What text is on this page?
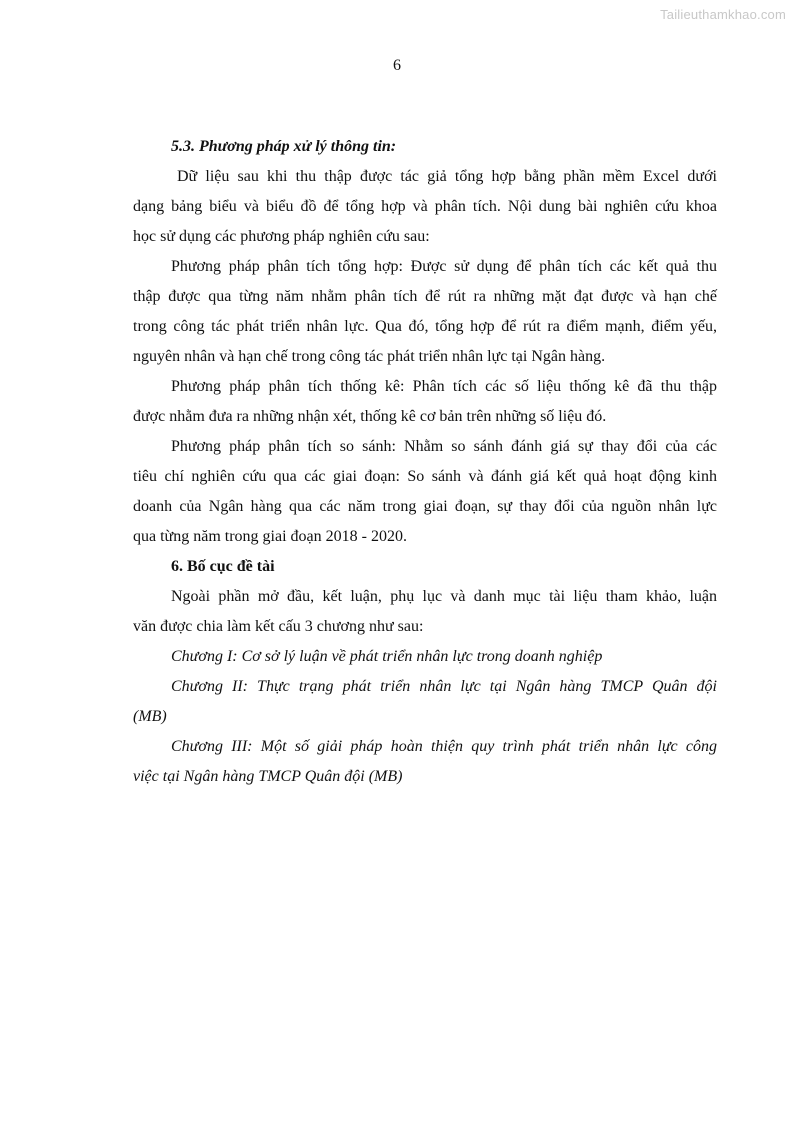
Tailieuthamkhao.com
6
5.3. Phương pháp xử lý thông tin:
Dữ liệu sau khi thu thập được tác giả tổng hợp bằng phần mềm Excel dưới
dạng bảng biểu và biểu đồ để tổng hợp và phân tích. Nội dung bài nghiên cứu khoa
học sử dụng các phương pháp nghiên cứu sau:
Phương pháp phân tích tổng hợp: Được sử dụng để phân tích các kết quả thu
thập được qua từng năm nhằm phân tích để rút ra những mặt đạt được và hạn chế
trong công tác phát triển nhân lực. Qua đó, tổng hợp để rút ra điểm mạnh, điểm yếu,
nguyên nhân và hạn chế trong công tác phát triển nhân lực tại Ngân hàng.
Phương pháp phân tích thống kê: Phân tích các số liệu thống kê đã thu thập
được nhằm đưa ra những nhận xét, thống kê cơ bản trên những số liệu đó.
Phương pháp phân tích so sánh: Nhằm so sánh đánh giá sự thay đổi của các
tiêu chí nghiên cứu qua các giai đoạn: So sánh và đánh giá kết quả hoạt động kinh
doanh của Ngân hàng qua các năm trong giai đoạn, sự thay đổi của nguồn nhân lực
qua từng năm trong giai đoạn 2018 - 2020.
6. Bố cục đề tài
Ngoài phần mở đầu, kết luận, phụ lục và danh mục tài liệu tham khảo, luận
văn được chia làm kết cấu 3 chương như sau:
Chương I: Cơ sở lý luận về phát triển nhân lực trong doanh nghiệp
Chương II: Thực trạng phát triển nhân lực tại Ngân hàng TMCP Quân đội
(MB)
Chương III: Một số giải pháp hoàn thiện quy trình phát triển nhân lực công
việc tại Ngân hàng TMCP Quân đội (MB)
